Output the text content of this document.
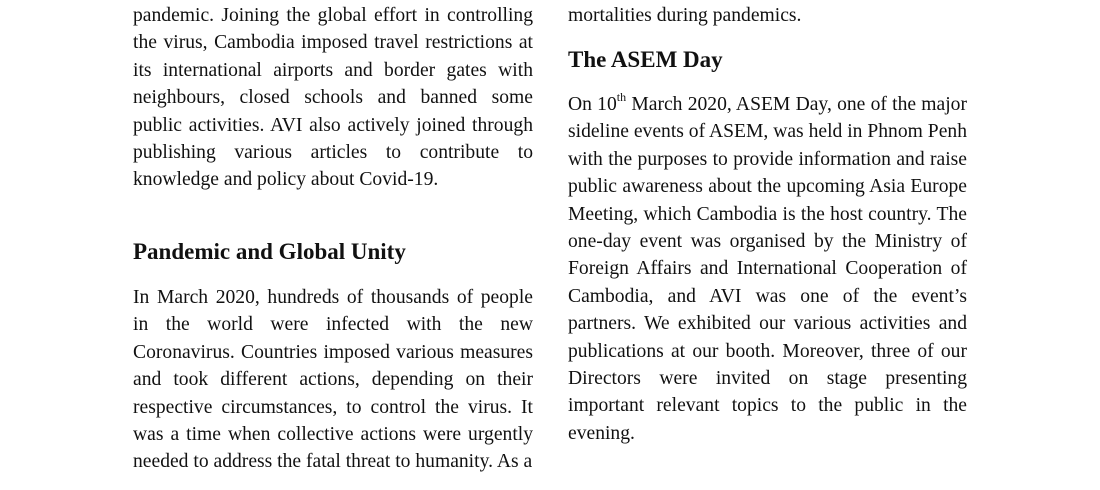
pandemic. Joining the global effort in controlling the virus, Cambodia imposed travel restrictions at its international airports and border gates with neighbours, closed schools and banned some public activities. AVI also actively joined through publishing various articles to contribute to knowledge and policy about Covid-19.

Pandemic and Global Unity

In March 2020, hundreds of thousands of people in the world were infected with the new Coronavirus. Countries imposed various measures and took different actions, depending on their respective circumstances, to control the virus. It was a time when collective actions were urgently needed to address the fatal threat to humanity. As a

mortalities during pandemics.

The ASEM Day

On 10th March 2020, ASEM Day, one of the major sideline events of ASEM, was held in Phnom Penh with the purposes to provide information and raise public awareness about the upcoming Asia Europe Meeting, which Cambodia is the host country. The one-day event was organised by the Ministry of Foreign Affairs and International Cooperation of Cambodia, and AVI was one of the event’s partners. We exhibited our various activities and publications at our booth. Moreover, three of our Directors were invited on stage presenting important relevant topics to the public in the evening.
